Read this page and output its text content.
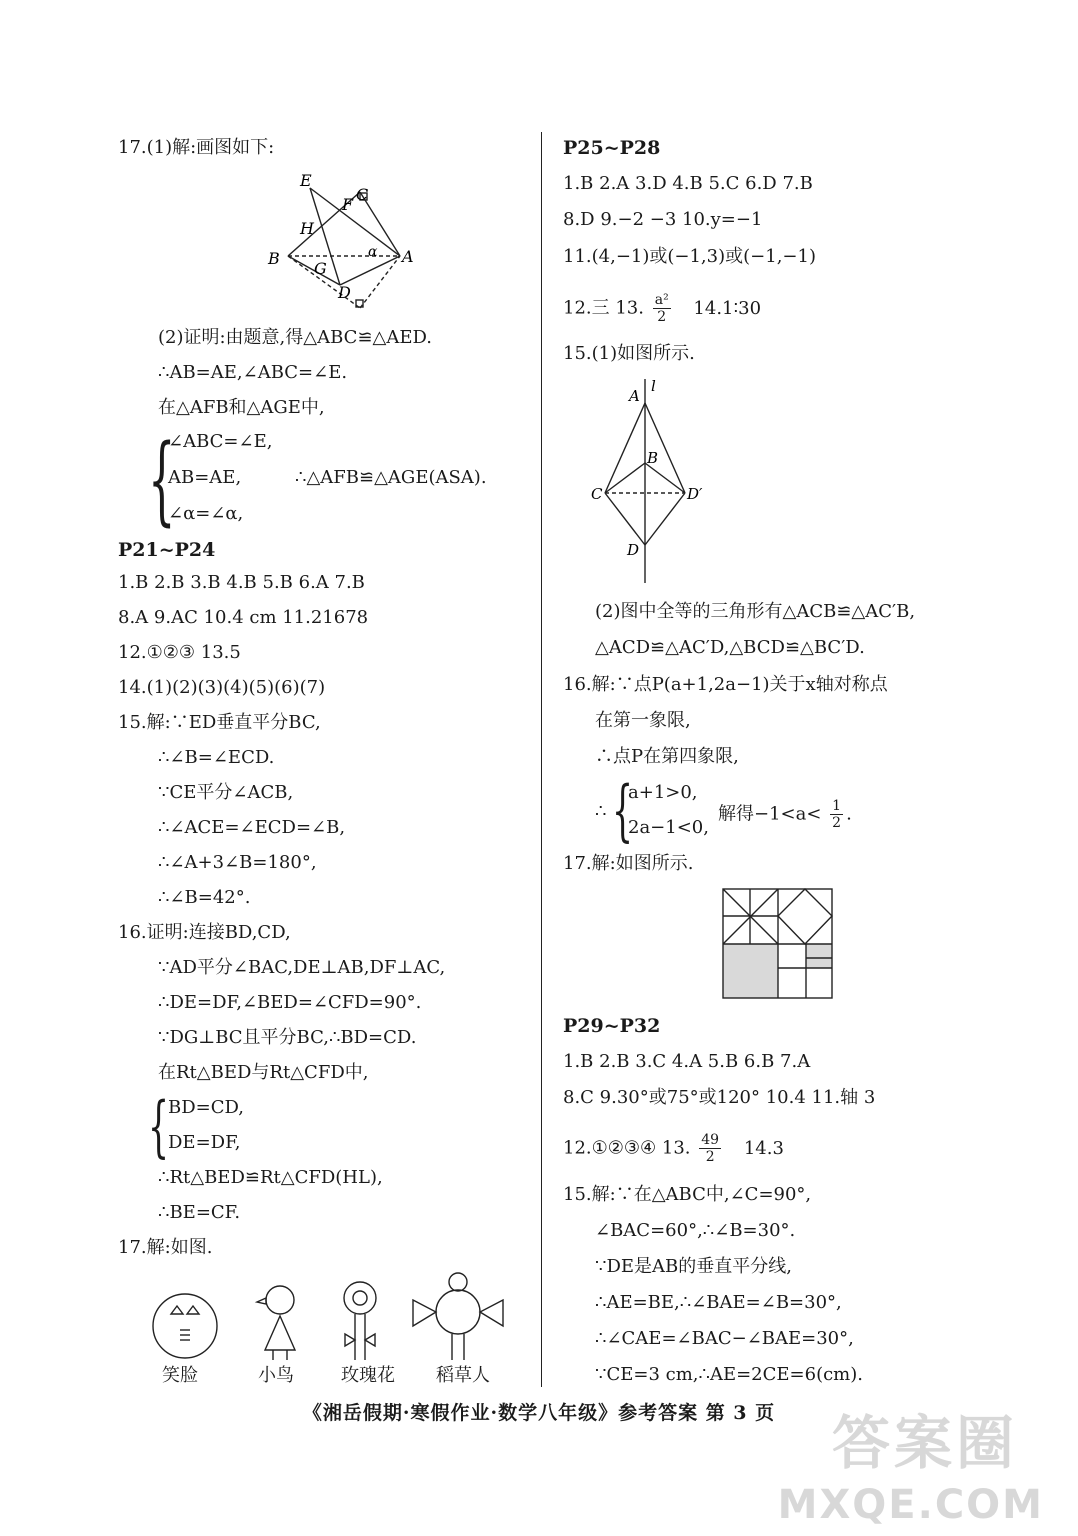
17.(1)解:画图如下:
E
F
C
H
B
G
α A
D
(2)证明:由题意,得△ABC≌△AED.
∴AB=AE,∠ABC=∠E.
在△AFB和△AGE中,
{
∠ABC=∠E,
AB=AE,
∠α=∠α,
∴△AFB≌△AGE(ASA).
P21~P24
1.B 2.B 3.B 4.B 5.B 6.A 7.B
8.A 9.AC 10.4 cm 11.21678
12.①②③ 13.5
14.(1)(2)(3)(4)(5)(6)(7)
15.解:∵ED垂直平分BC,
∴∠B=∠ECD.
∵CE平分∠ACB,
∴∠ACE=∠ECD=∠B,
∴∠A+3∠B=180°,
∴∠B=42°.
16.证明:连接BD,CD,
∵AD平分∠BAC,DE⊥AB,DF⊥AC,
∴DE=DF,∠BED=∠CFD=90°.
∵DG⊥BC且平分BC,∴BD=CD.
在Rt△BED与Rt△CFD中,
{ BD=CD,
DE=DF,
∴Rt△BED≌Rt△CFD(HL),
∴BE=CF.
17.解:如图.
笑脸	小鸟	玫瑰花 稻草人
P25~P28
1.B 2.A 3.D 4.B 5.C 6.D 7.B
8.D 9.−2 −3 10.y=−1
11.(4,−1)或(−1,3)或(−1,−1)
12.三 13. $\frac{\text{a²}}{2}$ 14.1∶30
15.(1)如图所示.
l
A
B
C	D′
D
(2)图中全等的三角形有△ACB≌△AC′B,
△ACD≌△AC′D,△BCD≌△BC′D.
16.解:∵点P(a+1,2a−1)关于x轴对称点
在第一象限,
∴点P在第四象限,
∴ {
a+1>0,
2a−1<0,
解得$-1<a< \frac{1}{2}$ .
17.解:如图所示.
P29~P32
1.B 2.B 3.C 4.A 5.B 6.B 7.A
8.C 9.30°或75°或120° 10.4 11.轴 3
12.①②③④ 13. $\frac{49}{2} 14.3$
15.解:∵在△ABC中,∠C=90°,
∠BAC=60°,∴∠B=30°.
∵DE是AB的垂直平分线,
∴AE=BE,∴∠BAE=∠B=30°,
∴∠CAE=∠BAC−∠BAE=30°,
∵CE=3 cm,∴AE=2CE=6(cm).
《湘岳假期·寒假作业·数学八年级》参考答案 第 3 页 答案圈
MXQE.COM
